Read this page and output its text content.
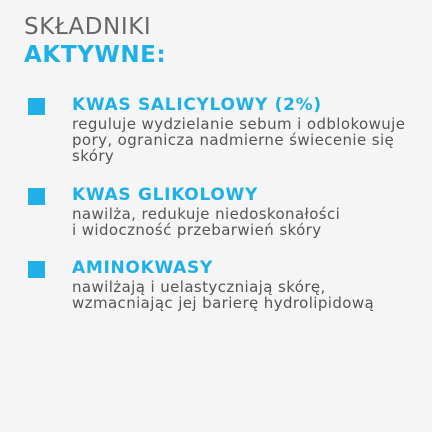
SKŁADNIKI
AKTYWNE:
KWAS SALICYLOWY (2%)
reguluje wydzielanie sebum i odblokowuje
pory, ogranicza nadmierne świecenie się
skóry
KWAS GLIKOLOWY
nawilża, redukuje niedoskonałości
i widoczność przebarwień skóry
AMINOKWASY
nawilżają i uelastyczniają skórę,
wzmacniając jej barierę hydrolipidową
